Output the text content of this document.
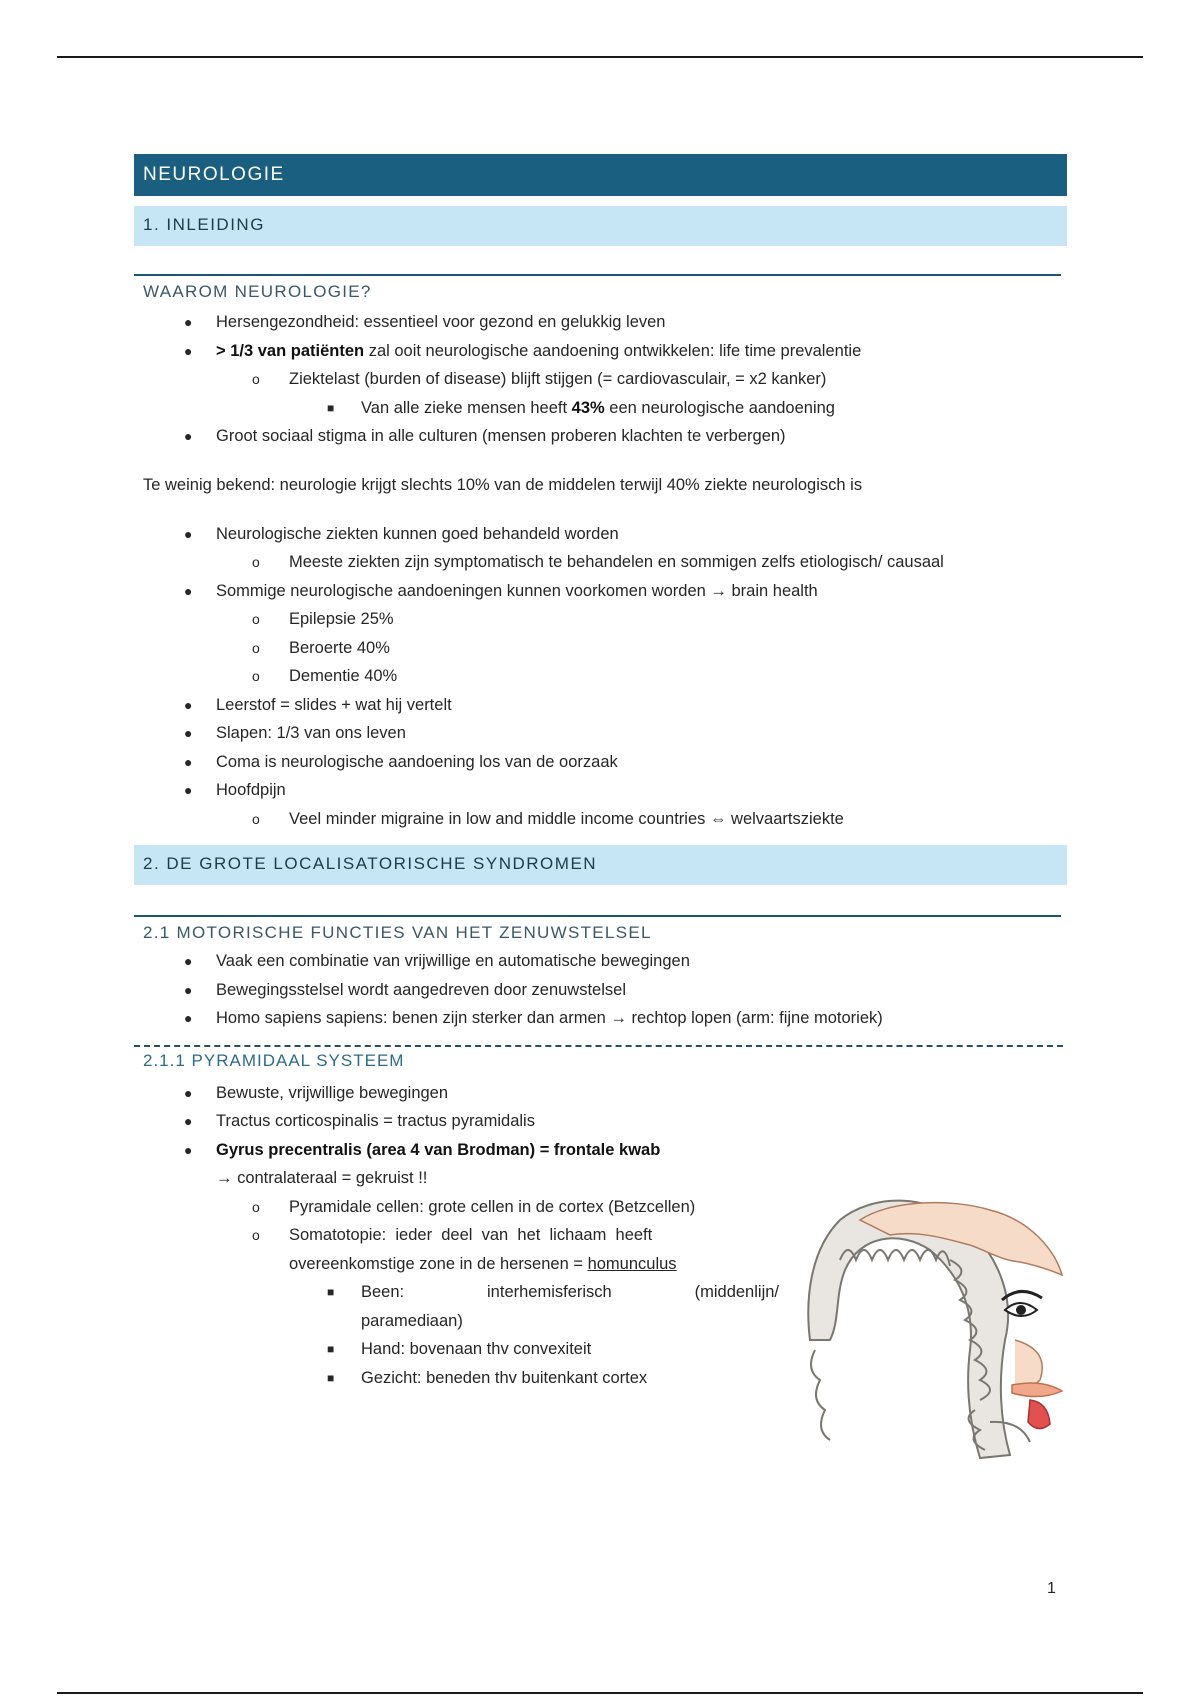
NEUROLOGIE
1. INLEIDING
WAAROM NEUROLOGIE?
● Hersengezondheid: essentieel voor gezond en gelukkig leven
● > 1/3 van patiënten zal ooit neurologische aandoening ontwikkelen: life time prevalentie
o Ziektelast (burden of disease) blijft stijgen (= cardiovasculair, = x2 kanker)
■ Van alle zieke mensen heeft 43% een neurologische aandoening
● Groot sociaal stigma in alle culturen (mensen proberen klachten te verbergen)
Te weinig bekend: neurologie krijgt slechts 10% van de middelen terwijl 40% ziekte neurologisch is
● Neurologische ziekten kunnen goed behandeld worden
o Meeste ziekten zijn symptomatisch te behandelen en sommigen zelfs etiologisch/ causaal
● Sommige neurologische aandoeningen kunnen voorkomen worden → brain health
o Epilepsie 25%
o Beroerte 40%
o Dementie 40%
● Leerstof = slides + wat hij vertelt
● Slapen: 1/3 van ons leven
● Coma is neurologische aandoening los van de oorzaak
● Hoofdpijn
o Veel minder migraine in low and middle income countries ⇔ welvaartsziekte
2. DE GROTE LOCALISATORISCHE SYNDROMEN
2.1 MOTORISCHE FUNCTIES VAN HET ZENUWSTELSEL
● Vaak een combinatie van vrijwillige en automatische bewegingen
● Bewegingsstelsel wordt aangedreven door zenuwstelsel
● Homo sapiens sapiens: benen zijn sterker dan armen → rechtop lopen (arm: fijne motoriek)
2.1.1 PYRAMIDAAL SYSTEEM
● Bewuste, vrijwillige bewegingen
● Tractus corticospinalis = tractus pyramidalis
● Gyrus precentralis (area 4 van Brodman) = frontale kwab
→ contralateraal = gekruist !!
o Pyramidale cellen: grote cellen in de cortex (Betzcellen)
o Somatotopie:  ieder  deel  van  het  lichaam  heeft
overeenkomstige zone in de hersenen = homunculus
■ Been:	interhemisferisch	(middenlijn/
paramediaan)
■ Hand: bovenaan thv convexiteit
■ Gezicht: beneden thv buitenkant cortex
1
